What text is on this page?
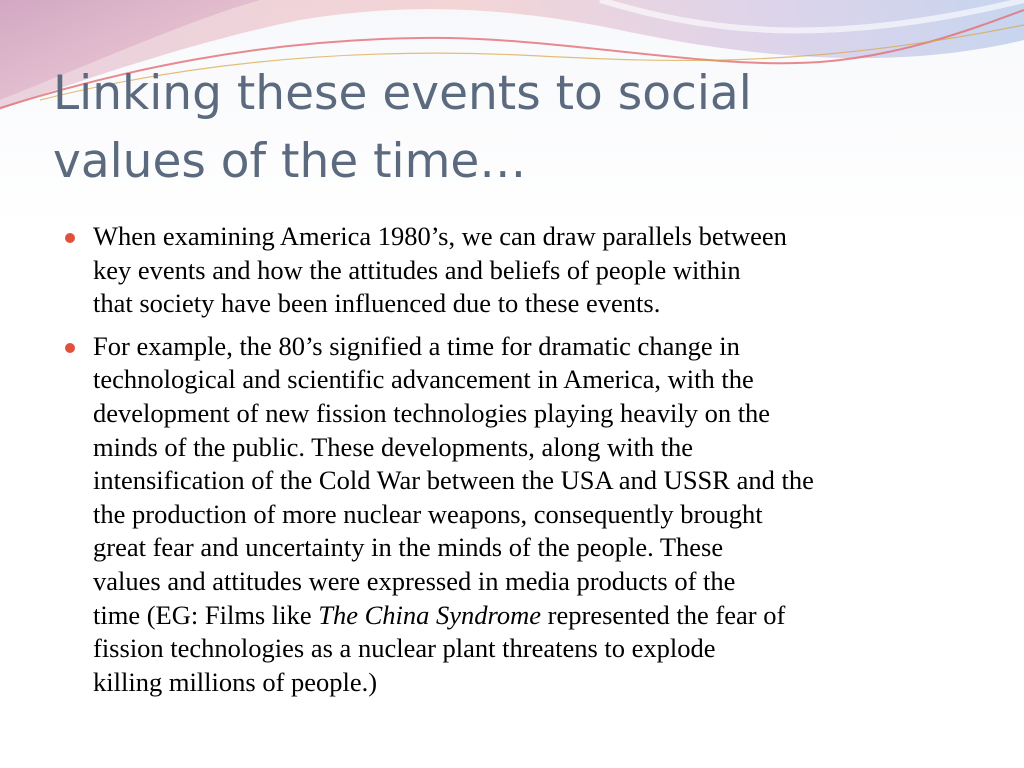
Linking these events to social
values of the time…
When examining America 1980’s, we can draw parallels between
key events and how the attitudes and beliefs of people within
that society have been influenced due to these events.
For example, the 80’s signified a time for dramatic change in
technological and scientific advancement in America, with the
development of new fission technologies playing heavily on the
minds of the public. These developments, along with the
intensification of the Cold War between the USA and USSR and the
the production of more nuclear weapons, consequently brought
great fear and uncertainty in the minds of the people. These
values and attitudes were expressed in media products of the
time (EG: Films like The China Syndrome represented the fear of
fission technologies as a nuclear plant threatens to explode
killing millions of people.)
